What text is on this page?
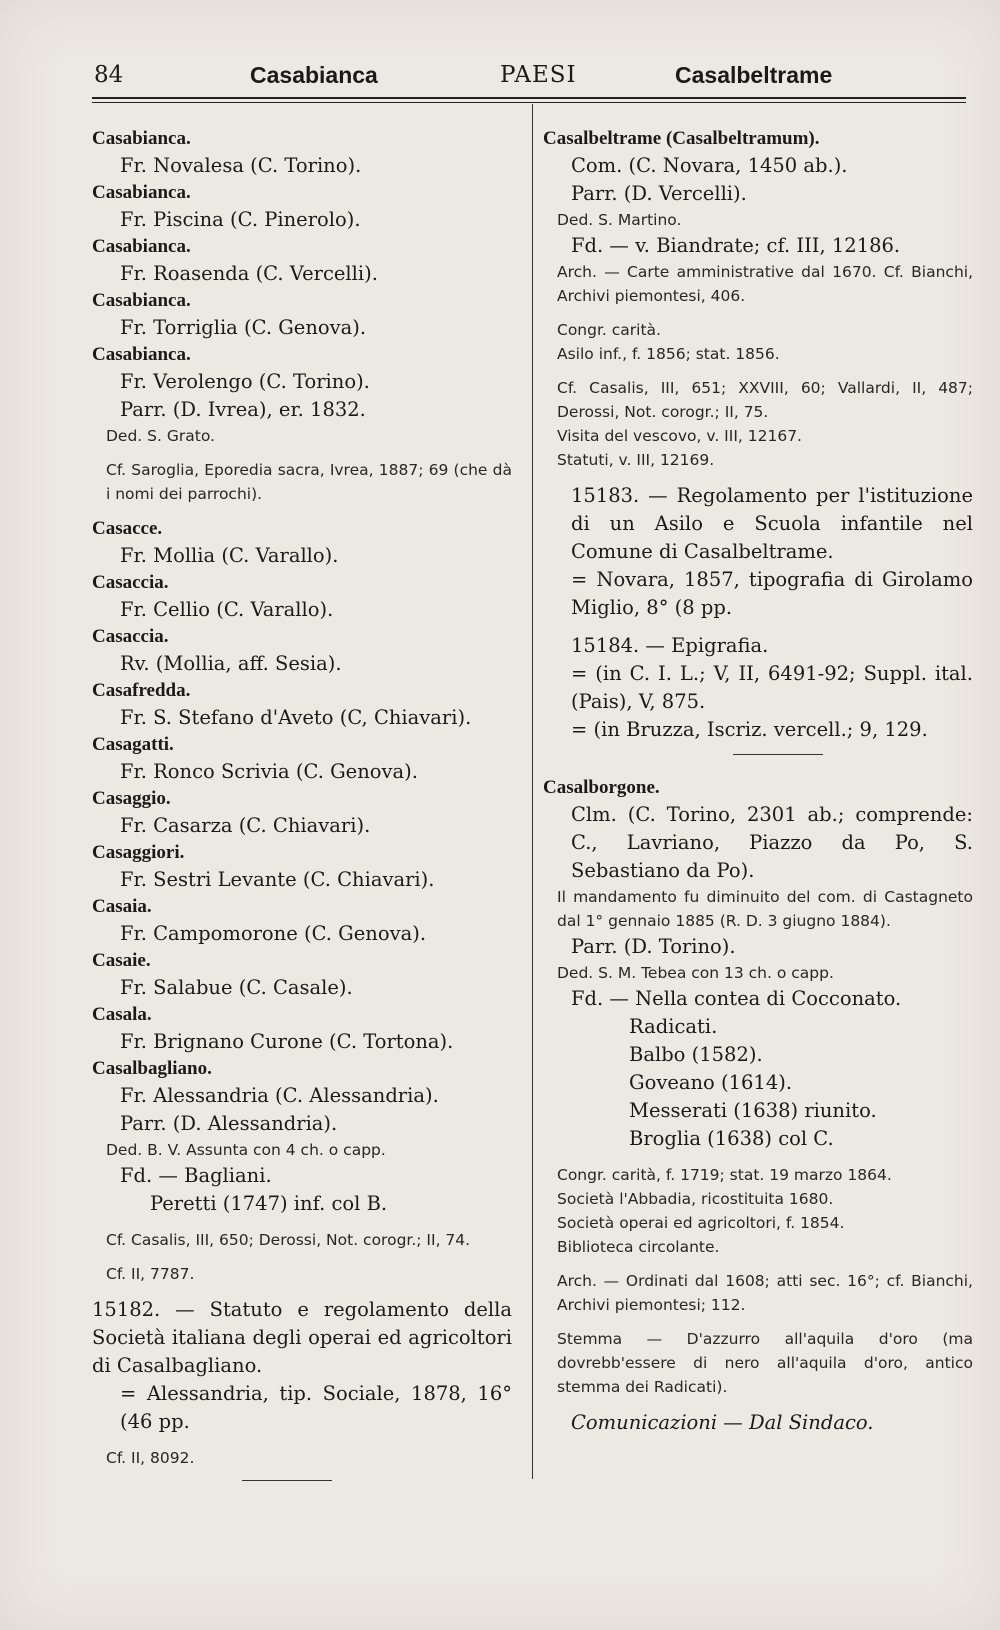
84	Casabianca	PAESI	Casalbeltrame
Casabianca.
Fr. Novalesa (C. Torino).
Casabianca.
Fr. Piscina (C. Pinerolo).
Casabianca.
Fr. Roasenda (C. Vercelli).
Casabianca.
Fr. Torriglia (C. Genova).
Casabianca.
Fr. Verolengo (C. Torino).
Parr. (D. Ivrea), er. 1832.
Ded. S. Grato.
Cf. Saroglia, Eporedia sacra, Ivrea, 1887; 69 (che dà i nomi dei parrochi).
Casacce.
Fr. Mollia (C. Varallo).
Casaccia.
Fr. Cellio (C. Varallo).
Casaccia.
Rv. (Mollia, aff. Sesia).
Casafredda.
Fr. S. Stefano d'Aveto (C, Chiavari).
Casagatti.
Fr. Ronco Scrivia (C. Genova).
Casaggio.
Fr. Casarza (C. Chiavari).
Casaggiori.
Fr. Sestri Levante (C. Chiavari).
Casaia.
Fr. Campomorone (C. Genova).
Casaie.
Fr. Salabue (C. Casale).
Casala.
Fr. Brignano Curone (C. Tortona).
Casalbagliano.
Fr. Alessandria (C. Alessandria).
Parr. (D. Alessandria).
Ded. B. V. Assunta con 4 ch. o capp.
Fd. — Bagliani.
Peretti (1747) inf. col B.
Cf. Casalis, III, 650; Derossi, Not. corogr.; II, 74.
Cf. II, 7787.
15182. — Statuto e regolamento della Società italiana degli operai ed agricoltori di Casalbagliano.
= Alessandria, tip. Sociale, 1878, 16° (46 pp.
Cf. II, 8092.
Casalbeltrame (Casalbeltramum).
Com. (C. Novara, 1450 ab.).
Parr. (D. Vercelli).
Ded. S. Martino.
Fd. — v. Biandrate; cf. III, 12186.
Arch. — Carte amministrative dal 1670. Cf. Bianchi, Archivi piemontesi, 406.
Congr. carità.
Asilo inf., f. 1856; stat. 1856.
Cf. Casalis, III, 651; XXVIII, 60; Vallardi, II, 487; Derossi, Not. corogr.; II, 75.
Visita del vescovo, v. III, 12167.
Statuti, v. III, 12169.
15183. — Regolamento per l'istituzione di un Asilo e Scuola infantile nel Comune di Casalbeltrame.
= Novara, 1857, tipografia di Girolamo Miglio, 8° (8 pp.
15184. — Epigrafia.
= (in C. I. L.; V, II, 6491-92; Suppl. ital. (Pais), V, 875.
= (in Bruzza, Iscriz. vercell.; 9, 129.
Casalborgone.
Clm. (C. Torino, 2301 ab.; comprende: C., Lavriano, Piazzo da Po, S. Sebastiano da Po).
Il mandamento fu diminuito del com. di Castagneto dal 1° gennaio 1885 (R. D. 3 giugno 1884).
Parr. (D. Torino).
Ded. S. M. Tebea con 13 ch. o capp.
Fd. — Nella contea di Cocconato.
Radicati.
Balbo (1582).
Goveano (1614).
Messerati (1638) riunito.
Broglia (1638) col C.
Congr. carità, f. 1719; stat. 19 marzo 1864.
Società l'Abbadia, ricostituita 1680.
Società operai ed agricoltori, f. 1854.
Biblioteca circolante.
Arch. — Ordinati dal 1608; atti sec. 16°; cf. Bianchi, Archivi piemontesi; 112.
Stemma — D'azzurro all'aquila d'oro (ma dovrebb'essere di nero all'aquila d'oro, antico stemma dei Radicati).
Comunicazioni — Dal Sindaco.
